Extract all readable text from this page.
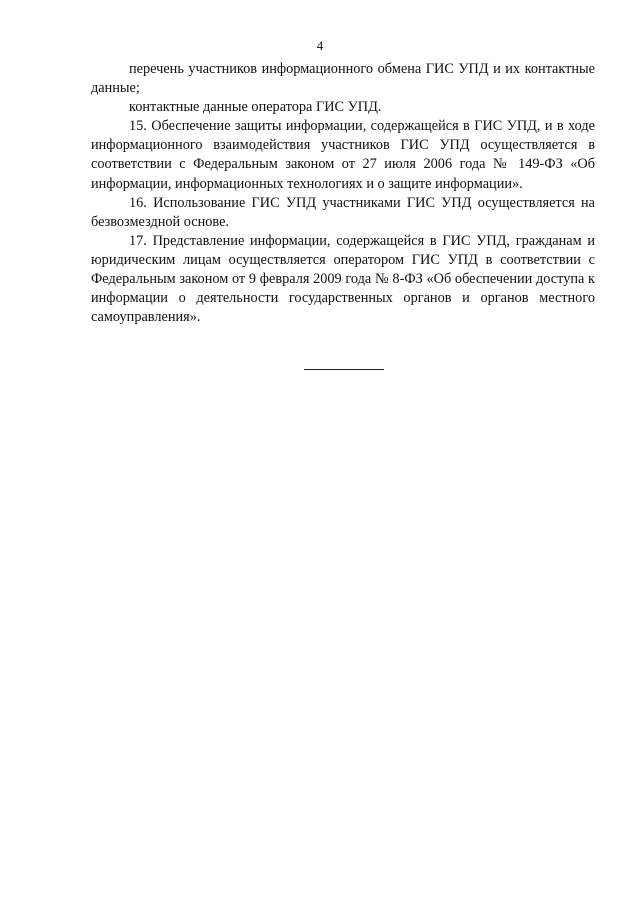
4

перечень участников информационного обмена ГИС УПД и их контактные данные;

контактные данные оператора ГИС УПД.

15. Обеспечение защиты информации, содержащейся в ГИС УПД, и в ходе информационного взаимодействия участников ГИС УПД осуществляется в соответствии с Федеральным законом от 27 июля 2006 года № 149-ФЗ «Об информации, информационных технологиях и о защите информации».

16. Использование ГИС УПД участниками ГИС УПД осуществляется на безвозмездной основе.

17. Представление информации, содержащейся в ГИС УПД, гражданам и юридическим лицам осуществляется оператором ГИС УПД в соответствии с Федеральным законом от 9 февраля 2009 года № 8-ФЗ «Об обеспечении доступа к информации о деятельности государственных органов и органов местного самоуправления».
